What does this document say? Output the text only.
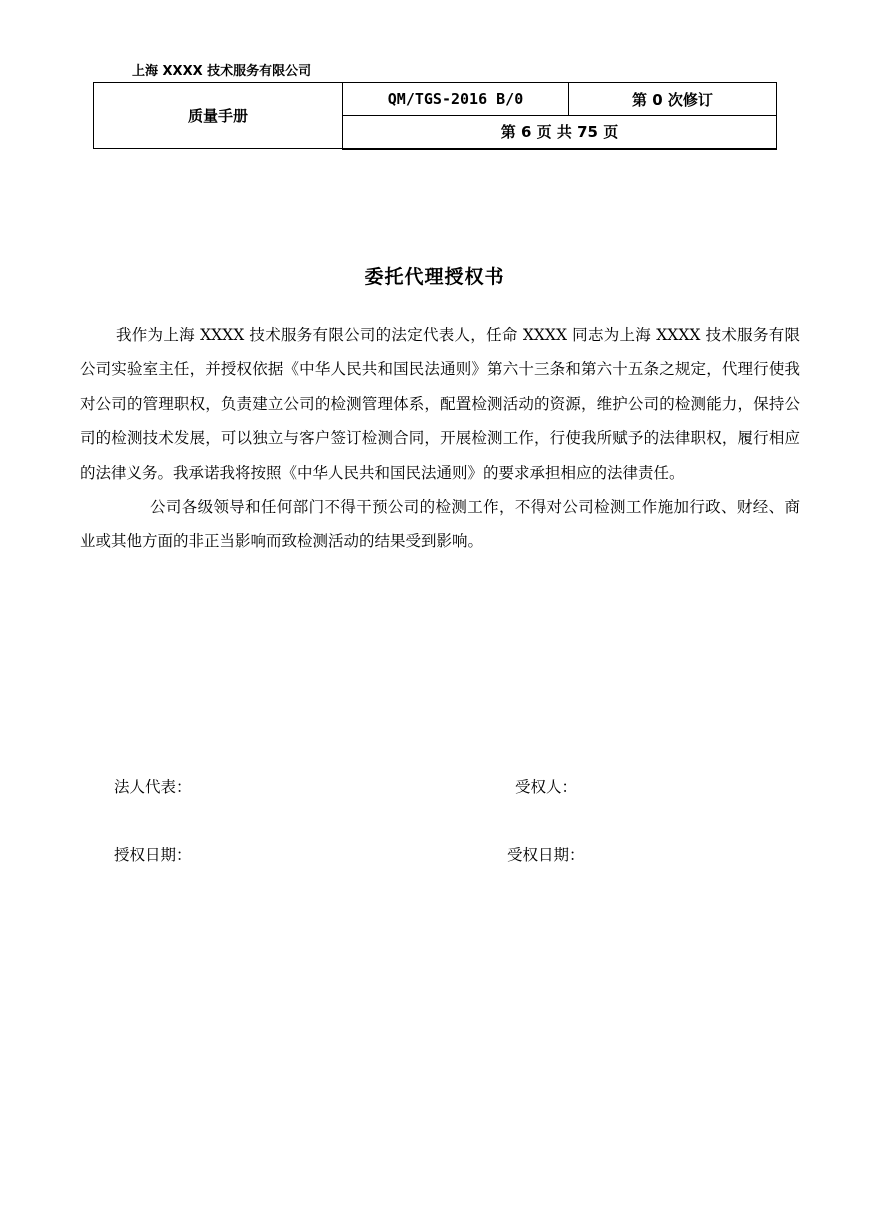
上海 XXXX 技术服务有限公司
质量手册	QM/TGS-2016 B/0	第 0 次修订
第 6 页 共 75 页
委托代理授权书

我作为上海 XXXX 技术服务有限公司的法定代表人，任命 XXXX 同志为上海 XXXX 技术服务有限公司实验室主任，并授权依据《中华人民共和国民法通则》第六十三条和第六十五条之规定，代理行使我对公司的管理职权，负责建立公司的检测管理体系，配置检测活动的资源，维护公司的检测能力，保持公司的检测技术发展，可以独立与客户签订检测合同，开展检测工作，行使我所赋予的法律职权，履行相应的法律义务。我承诺我将按照《中华人民共和国民法通则》的要求承担相应的法律责任。

公司各级领导和任何部门不得干预公司的检测工作，不得对公司检测工作施加行政、财经、商业或其他方面的非正当影响而致检测活动的结果受到影响。

法人代表：	受权人：
授权日期：	受权日期：
